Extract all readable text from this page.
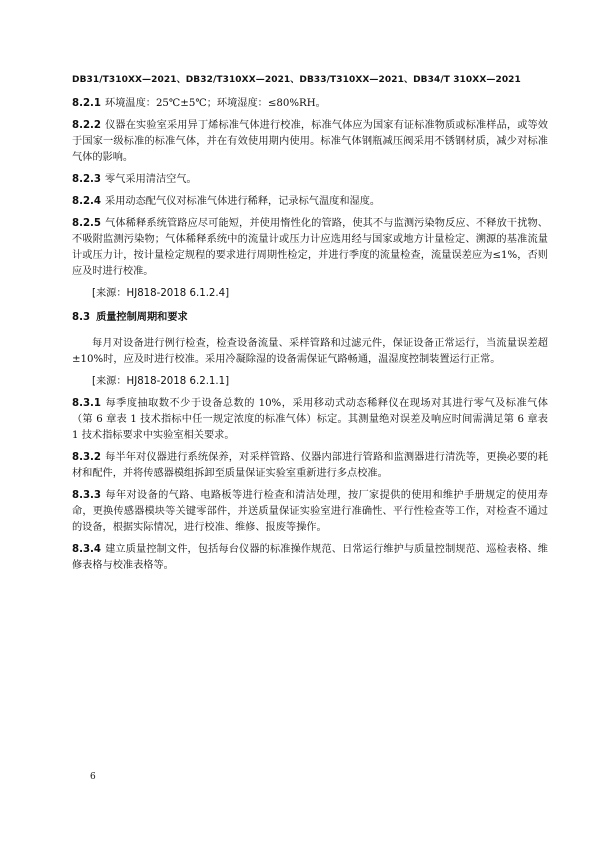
DB31/T310XX—2021、DB32/T310XX—2021、DB33/T310XX—2021、DB34/T 310XX—2021

8.2.1 环境温度：25℃±5℃；环境湿度：≤80%RH。

8.2.2 仪器在实验室采用异丁烯标准气体进行校准，标准气体应为国家有证标准物质或标准样品，或等效于国家一级标准的标准气体，并在有效使用期内使用。标准气体钢瓶减压阀采用不锈钢材质，减少对标准气体的影响。

8.2.3 零气采用清洁空气。

8.2.4 采用动态配气仪对标准气体进行稀释，记录标气温度和湿度。

8.2.5 气体稀释系统管路应尽可能短，并使用惰性化的管路，使其不与监测污染物反应、不释放干扰物、不吸附监测污染物；气体稀释系统中的流量计或压力计应选用经与国家或地方计量检定、溯源的基准流量计或压力计，按计量检定规程的要求进行周期性检定，并进行季度的流量检查，流量误差应为≤1%，否则应及时进行校准。

[来源：HJ818-2018 6.1.2.4]

8.3 质量控制周期和要求

每月对设备进行例行检查，检查设备流量、采样管路和过滤元件，保证设备正常运行，当流量误差超±10%时，应及时进行校准。采用冷凝除湿的设备需保证气路畅通，温湿度控制装置运行正常。

[来源：HJ818-2018 6.2.1.1]

8.3.1 每季度抽取数不少于设备总数的 10%，采用移动式动态稀释仪在现场对其进行零气及标准气体（第 6 章表 1 技术指标中任一规定浓度的标准气体）标定。其测量绝对误差及响应时间需满足第 6 章表 1 技术指标要求中实验室相关要求。

8.3.2 每半年对仪器进行系统保养，对采样管路、仪器内部进行管路和监测器进行清洗等，更换必要的耗材和配件，并将传感器模组拆卸至质量保证实验室重新进行多点校准。

8.3.3 每年对设备的气路、电路板等进行检查和清洁处理，按厂家提供的使用和维护手册规定的使用寿命，更换传感器模块等关键零部件，并送质量保证实验室进行准确性、平行性检查等工作，对检查不通过的设备，根据实际情况，进行校准、维修、报废等操作。

8.3.4 建立质量控制文件，包括每台仪器的标准操作规范、日常运行维护与质量控制规范、巡检表格、维修表格与校准表格等。

6
